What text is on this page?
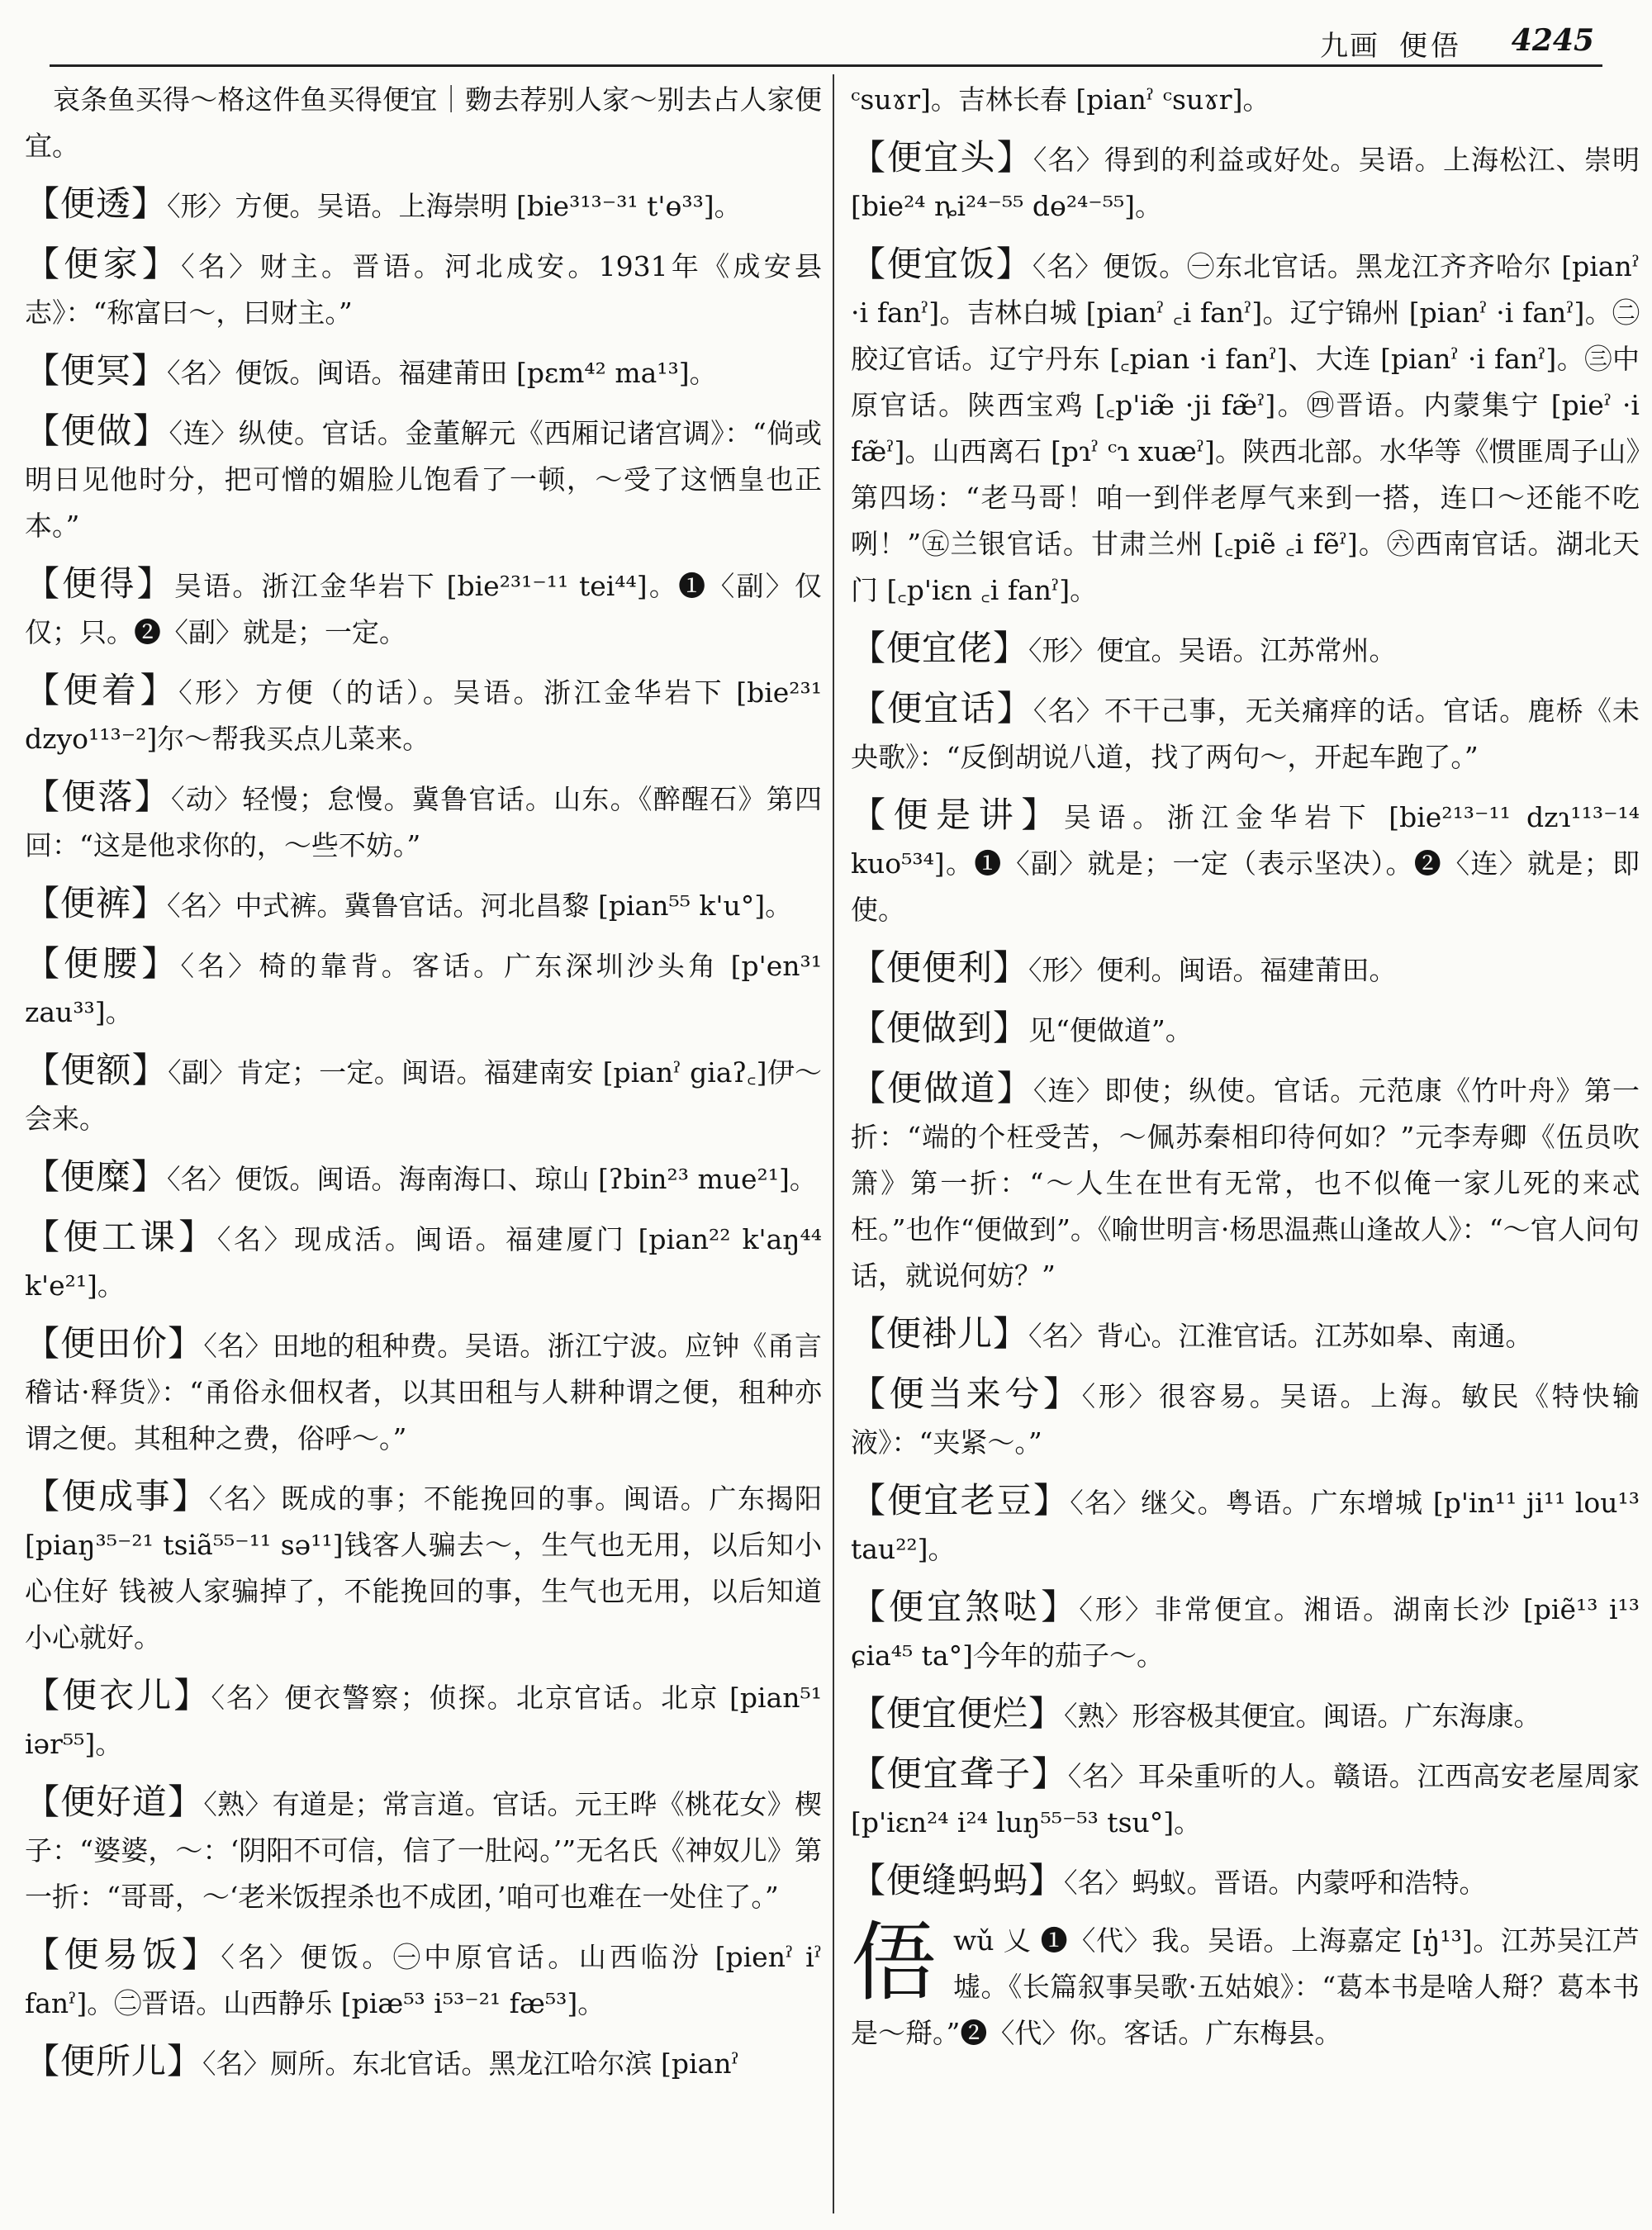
九画 便俉 4245

哀条鱼买得～格这件鱼买得便宜｜覅去荐别人家～别去占人家便宜。

【便透】〈形〉方便。吴语。上海崇明 [bie³¹³⁻³¹ t'ɵ³³]。

【便家】〈名〉财主。晋语。河北成安。1931年《成安县志》：“称富曰～，曰财主。”

【便冥】〈名〉便饭。闽语。福建莆田 [pɛm⁴² ma¹³]。

【便做】〈连〉纵使。官话。金董解元《西厢记诸宫调》：“倘或明日见他时分，把可憎的媚脸儿饱看了一顿，～受了这恓皇也正本。”

【便得】吴语。浙江金华岩下 [bie²³¹⁻¹¹ tei⁴⁴]。❶〈副〉仅仅；只。❷〈副〉就是；一定。

【便着】〈形〉方便（的话）。吴语。浙江金华岩下 [bie²³¹ dzyo¹¹³⁻²]尔～帮我买点儿菜来。

【便落】〈动〉轻慢；怠慢。冀鲁官话。山东。《醉醒石》第四回：“这是他求你的，～些不妨。”

【便裤】〈名〉中式裤。冀鲁官话。河北昌黎 [pian⁵⁵ k'u°]。

【便腰】〈名〉椅的靠背。客话。广东深圳沙头角 [p'en³¹ zau³³]。

【便额】〈副〉肯定；一定。闽语。福建南安 [pianˀ giaʔ꜀]伊～会来。

【便糜】〈名〉便饭。闽语。海南海口、琼山 [ʔbin²³ mue²¹]。

【便工课】〈名〉现成活。闽语。福建厦门 [pian²² k'aŋ⁴⁴ k'e²¹]。

【便田价】〈名〉田地的租种费。吴语。浙江宁波。应钟《甬言稽诂·释货》：“甬俗永佃权者，以其田租与人耕种谓之便，租种亦谓之便。其租种之费，俗呼～。”

【便成事】〈名〉既成的事；不能挽回的事。闽语。广东揭阳 [piaŋ³⁵⁻²¹ tsiã⁵⁵⁻¹¹ sə¹¹]钱客人骗去～，生气也无用，以后知小心住好 钱被人家骗掉了，不能挽回的事，生气也无用，以后知道小心就好。

【便衣儿】〈名〉便衣警察；侦探。北京官话。北京 [pian⁵¹ iər⁵⁵]。

【便好道】〈熟〉有道是；常言道。官话。元王晔《桃花女》楔子：“婆婆，～：‘阴阳不可信，信了一肚闷。’”无名氏《神奴儿》第一折：“哥哥，～‘老米饭捏杀也不成团，’咱可也难在一处住了。”

【便易饭】〈名〉便饭。㊀中原官话。山西临汾 [pienˀ iˀ fanˀ]。㊁晋语。山西静乐 [piæ⁵³ i⁵³⁻²¹ fæ⁵³]。

【便所儿】〈名〉厕所。东北官话。黑龙江哈尔滨 [pianˀ

ᶜsuɤr]。吉林长春 [pianˀ ᶜsuɤr]。

【便宜头】〈名〉得到的利益或好处。吴语。上海松江、崇明 [bie²⁴ ȵi²⁴⁻⁵⁵ dɵ²⁴⁻⁵⁵]。

【便宜饭】〈名〉便饭。㊀东北官话。黑龙江齐齐哈尔 [pianˀ ·i fanˀ]。吉林白城 [pianˀ ꜀i fanˀ]。辽宁锦州 [pianˀ ·i fanˀ]。㊁胶辽官话。辽宁丹东 [꜀pian ·i fanˀ]、大连 [pianˀ ·i fanˀ]。㊂中原官话。陕西宝鸡 [꜀p'iæ̃ ·ji fæ̃ˀ]。㊃晋语。内蒙集宁 [pieˀ ·i fæ̃ˀ]。山西离石 [pɿˀ ᶜɿ xuæˀ]。陕西北部。水华等《惯匪周子山》第四场：“老马哥！咱一到伴老厚气来到一搭，连口～还能不吃咧！”㊄兰银官话。甘肃兰州 [꜀piẽ ꜀i fẽˀ]。㊅西南官话。湖北天门 [꜀p'iɛn ꜀i fanˀ]。

【便宜佬】〈形〉便宜。吴语。江苏常州。

【便宜话】〈名〉不干己事，无关痛痒的话。官话。鹿桥《未央歌》：“反倒胡说八道，找了两句～，开起车跑了。”

【便是讲】吴语。浙江金华岩下 [bie²¹³⁻¹¹ dzɿ¹¹³⁻¹⁴ kuo⁵³⁴]。❶〈副〉就是；一定（表示坚决）。❷〈连〉就是；即使。

【便便利】〈形〉便利。闽语。福建莆田。

【便做到】见“便做道”。

【便做道】〈连〉即使；纵使。官话。元范康《竹叶舟》第一折：“端的个枉受苦，～佩苏秦相印待何如？”元李寿卿《伍员吹箫》第一折：“～人生在世有无常，也不似俺一家儿死的来忒枉。”也作“便做到”。《喻世明言·杨思温燕山逢故人》：“～官人问句话，就说何妨？”

【便褂儿】〈名〉背心。江淮官话。江苏如皋、南通。

【便当来兮】〈形〉很容易。吴语。上海。敏民《特快输液》：“夹紧～。”

【便宜老豆】〈名〉继父。粤语。广东增城 [p'in¹¹ ji¹¹ lou¹³ tau²²]。

【便宜煞哒】〈形〉非常便宜。湘语。湖南长沙 [piẽ¹³ i¹³ ɕia⁴⁵ ta°]今年的茄子～。

【便宜便烂】〈熟〉形容极其便宜。闽语。广东海康。

【便宜聋子】〈名〉耳朵重听的人。赣语。江西高安老屋周家 [p'iɛn²⁴ i²⁴ luŋ⁵⁵⁻⁵³ tsu°]。

【便缝蚂蚂】〈名〉蚂蚁。晋语。内蒙呼和浩特。

俉wǔ 乂 ❶〈代〉我。吴语。上海嘉定 [ŋ̍¹³]。江苏吴江芦墟。《长篇叙事吴歌·五姑娘》：“葛本书是啥人搿？葛本书是～搿。”❷〈代〉你。客话。广东梅县。
